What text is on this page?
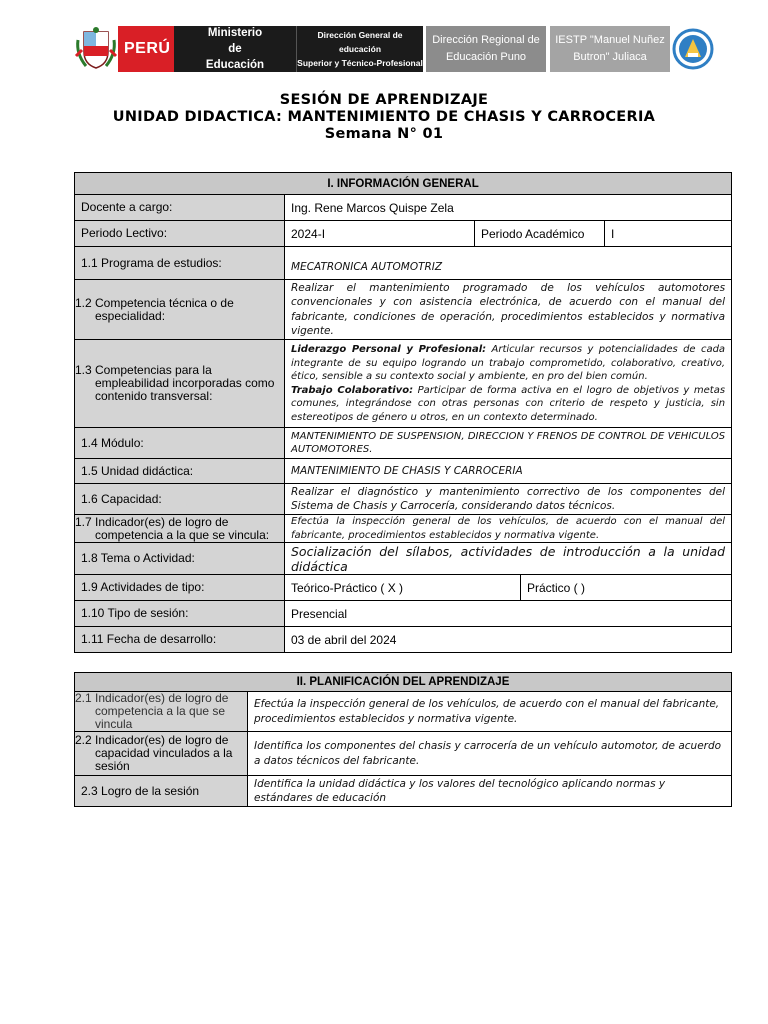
PERÚ
Ministerio de
Educación
Dirección General de educación
Superior y Técnico-Profesional
Dirección Regional de
Educación Puno
IESTP "Manuel Nuñez
Butron" Juliaca
SESIÓN DE APRENDIZAJE
UNIDAD DIDACTICA: MANTENIMIENTO DE CHASIS Y CARROCERIA
Semana N° 01
I. INFORMACIÓN GENERAL				
Docente a cargo:	Ing. Rene Marcos Quispe Zela			
Periodo Lectivo:	2024-I	Periodo Académico		I
1.1 Programa de estudios:	MECATRONICA AUTOMOTRIZ			
1.2 Competencia técnica o de especialidad:	Realizar el mantenimiento programado de los vehículos automotores convencionales y con asistencia electrónica, de acuerdo con el manual del fabricante, condiciones de operación, procedimientos establecidos y normativa vigente.			
1.3 Competencias para la empleabilidad incorporadas como contenido transversal:	Liderazgo Personal y Profesional: Articular recursos y potencialidades de cada integrante de su equipo logrando un trabajo comprometido, colaborativo, creativo, ético, sensible a su contexto social y ambiente, en pro del bien común.
Trabajo Colaborativo: Participar de forma activa en el logro de objetivos y metas comunes, integrándose con otras personas con criterio de respeto y justicia, sin estereotipos de género u otros, en un contexto determinado.			
1.4 Módulo:	MANTENIMIENTO DE SUSPENSION, DIRECCION Y FRENOS DE CONTROL DE VEHICULOS AUTOMOTORES.			
1.5 Unidad didáctica:	MANTENIMIENTO DE CHASIS Y CARROCERIA			
1.6 Capacidad:	Realizar el diagnóstico y mantenimiento correctivo de los componentes del Sistema de Chasis y Carrocería, considerando datos técnicos.			
1.7 Indicador(es) de logro de competencia a la que se vincula:	Efectúa la inspección general de los vehículos, de acuerdo con el manual del fabricante, procedimientos establecidos y normativa vigente.			
1.8 Tema o Actividad:	Socialización del sílabos, actividades de introducción a la unidad didáctica			
1.9 Actividades de tipo:	Teórico-Práctico ( X )		Práctico ( )	
1.10 Tipo de sesión:	Presencial			
1.11 Fecha de desarrollo:	03 de abril del 2024			
II. PLANIFICACIÓN DEL APRENDIZAJE	
2.1 Indicador(es) de logro de competencia a la que se vincula	Efectúa la inspección general de los vehículos, de acuerdo con el manual del fabricante, procedimientos establecidos y normativa vigente.
2.2 Indicador(es) de logro de capacidad vinculados a la sesión	Identifica los componentes del chasis y carrocería de un vehículo automotor, de acuerdo a datos técnicos del fabricante.
2.3 Logro de la sesión	Identifica la unidad didáctica y los valores del tecnológico aplicando normas y estándares de educación
